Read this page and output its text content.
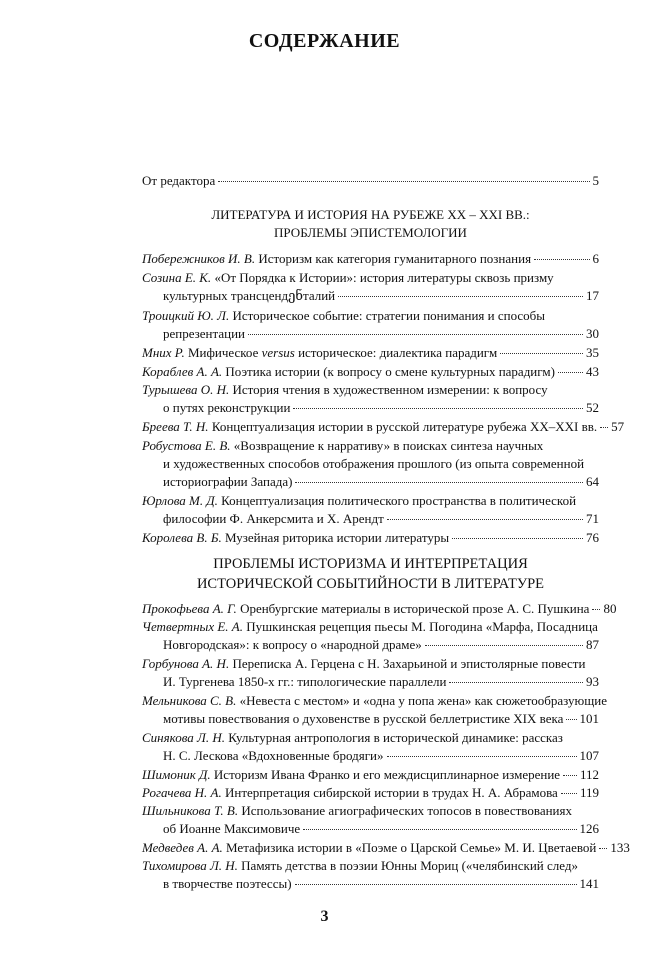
СОДЕРЖАНИЕ
От редактора	5
ЛИТЕРАТУРА И ИСТОРИЯ НА РУБЕЖЕ XX – XXI ВВ.:
ПРОБЛЕМЫ ЭПИСТЕМОЛОГИИ
Побережников И. В. Историзм как категория гуманитарного познания	6
Созина Е. К. «От Порядка к Истории»: история литературы сквозь призму
культурных трансцендენталий	17
Троицкий Ю. Л. Историческое событие: стратегии понимания и способы
репрезентации	30
Мних Р. Мифическое versus историческое: диалектика парадигм	35
Кораблев А. А. Поэтика истории (к вопросу о смене культурных парадигм) 43
Турышева О. Н. История чтения в художественном измерении: к вопросу
о путях реконструкции	52
Бреева Т. Н. Концептуализация истории в русской литературе рубежа XX–XXI вв. 57
Робустова Е. В. «Возвращение к нарративу» в поисках синтеза научных
и художественных способов отображения прошлого (из опыта современной
историографии Запада)	64
Юрлова М. Д. Концептуализация политического пространства в политической
философии Ф. Анкерсмита и Х. Арендт	71
Королева В. Б. Музейная риторика истории литературы	76
ПРОБЛЕМЫ ИСТОРИЗМА И ИНТЕРПРЕТАЦИЯ
ИСТОРИЧЕСКОЙ СОБЫТИЙНОСТИ В ЛИТЕРАТУРЕ
Прокофьева А. Г. Оренбургские материалы в исторической прозе А. С. Пушкина 80
Четвертных Е. А. Пушкинская рецепция пьесы М. Погодина «Марфа, Посадница
Новгородская»: к вопросу о «народной драме»	87
Горбунова А. Н. Переписка А. Герцена с Н. Захарьиной и эпистолярные повести
И. Тургенева 1850-х гг.: типологические параллели	93
Мельникова С. В. «Невеста с местом» и «одна у попа жена» как сюжетообразующие
мотивы повествования о духовенстве в русской беллетристике XIX века 101
Синякова Л. Н. Культурная антропология в исторической динамике: рассказ
Н. С. Лескова «Вдохновенные бродяги»	107
Шимоник Д. Историзм Ивана Франко и его междисциплинарное измерение 112
Рогачева Н. А. Интерпретация сибирской истории в трудах Н. А. Абрамова 119
Шильникова Т. В. Использование агиографических топосов в повествованиях
об Иоанне Максимовиче	126
Медведев А. А. Метафизика истории в «Поэме о Царской Семье» М. И. Цветаевой 133
Тихомирова Л. Н. Память детства в поэзии Юнны Мориц («челябинский след»
в творчестве поэтессы)	141
3
